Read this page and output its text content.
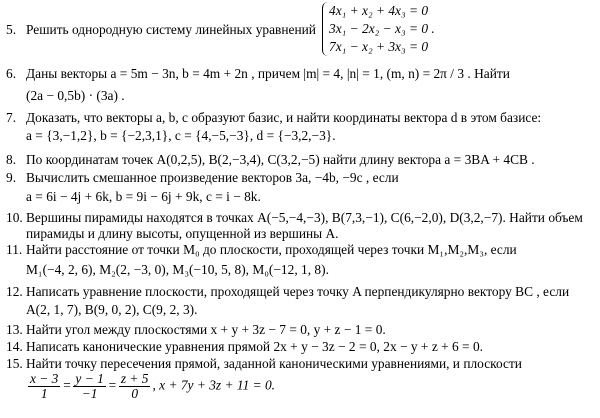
5. Решить однородную систему линейных уравнений
4x₁ + x₂ + 4x₃ = 0
3x₁ − 2x₂ − x₃ = 0 .
7x₁ − x₂ + 3x₃ = 0
6. Даны векторы a = 5m − 3n, b = 4m + 2n , причем |m| = 4, |n| = 1, (m, n) = 2π / 3 . Найти
(2a − 0,5b) · (3a) .
7. Доказать, что векторы a, b, c образуют базис, и найти координаты вектора d в этом базисе:
a = {3,−1,2}, b = {−2,3,1}, c = {4,−5,−3}, d = {−3,2,−3}.
8. По координатам точек A(0,2,5), B(2,−3,4), C(3,2,−5) найти длину вектора a = 3BA + 4CB .
9. Вычислить смешанное произведение векторов 3a, −4b, −9c , если
a = 6i − 4j + 6k, b = 9i − 6j + 9k, c = i − 8k.
10. Вершины пирамиды находятся в точках A(−5,−4,−3), B(7,3,−1), C(6,−2,0), D(3,2,−7). Найти объем
пирамиды и длину высоты, опущенной из вершины A.
11. Найти расстояние от точки M₀ до плоскости, проходящей через точки M₁,M₂,M₃, если
M₁(−4, 2, 6), M₂(2, −3, 0), M₃(−10, 5, 8), M₀(−12, 1, 8).
12. Написать уравнение плоскости, проходящей через точку A перпендикулярно вектору BC , если
A(2, 1, 7), B(9, 0, 2), C(9, 2, 3).
13. Найти угол между плоскостями x + y + 3z − 7 = 0, y + z − 1 = 0.
14. Написать канонические уравнения прямой 2x + y − 3z − 2 = 0, 2x − y + z + 6 = 0.
15. Найти точку пересечения прямой, заданной каноническими уравнениями, и плоскости
$\frac{x - 3}{1} = \frac{y - 1}{-1} = \frac{z + 5}{0}$ , x + 7y + 3z + 11 = 0.
